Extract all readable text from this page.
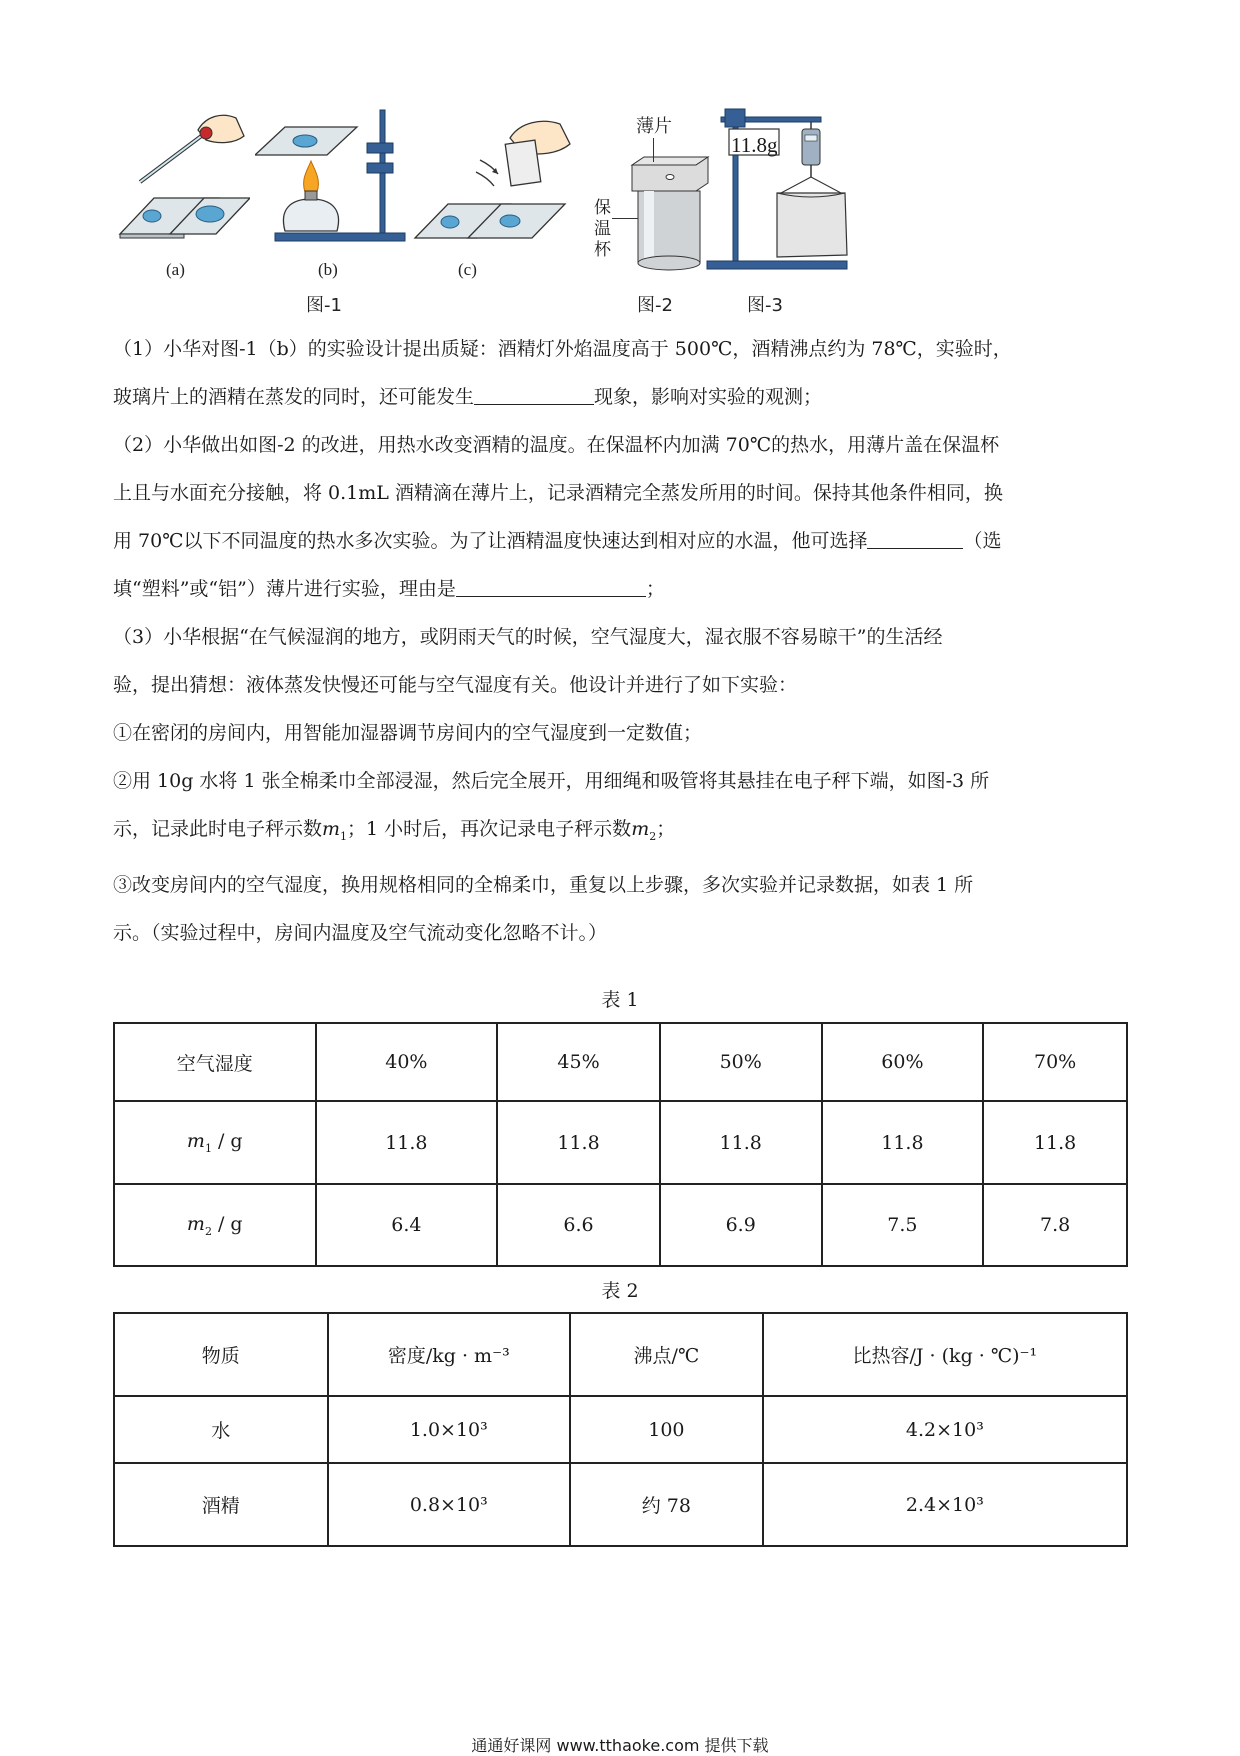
(a)	(b)	(c)
图-1
薄片
保温杯
图-2
11.8g
图-3

（1）小华对图-1（b）的实验设计提出质疑：酒精灯外焰温度高于 500℃，酒精沸点约为 78℃，实验时，

玻璃片上的酒精在蒸发的同时，还可能发生	现象，影响对实验的观测；

（2）小华做出如图-2 的改进，用热水改变酒精的温度。在保温杯内加满 70℃的热水，用薄片盖在保温杯

上且与水面充分接触，将 0.1mL 酒精滴在薄片上，记录酒精完全蒸发所用的时间。保持其他条件相同，换

用 70℃以下不同温度的热水多次实验。为了让酒精温度快速达到相对应的水温，他可选择	（选

填“塑料”或“铝”）薄片进行实验，理由是	；

（3）小华根据“在气候湿润的地方，或阴雨天气的时候，空气湿度大，湿衣服不容易晾干”的生活经

验，提出猜想：液体蒸发快慢还可能与空气湿度有关。他设计并进行了如下实验：

①在密闭的房间内，用智能加湿器调节房间内的空气湿度到一定数值；

②用 10g 水将 1 张全棉柔巾全部浸湿，然后完全展开，用细绳和吸管将其悬挂在电子秤下端，如图-3 所

示，记录此时电子秤示数$m_1$；1 小时后，再次记录电子秤示数$m_2$；

③改变房间内的空气湿度，换用规格相同的全棉柔巾，重复以上步骤，多次实验并记录数据，如表 1 所

示。（实验过程中，房间内温度及空气流动变化忽略不计。）

表 1
空气湿度	40%	45%	50%	60%	70%
$m_1$ / g	11.8	11.8	11.8	11.8	11.8
$m_2$ / g	6.4	6.6	6.9	7.5	7.8
表 2
物质	密度/kg · m⁻³	沸点/℃	比热容/J · (kg · ℃)⁻¹
水	1.0×10³	100	4.2×10³
酒精	0.8×10³	约 78	2.4×10³
通通好课网 www.tthaoke.com 提供下载
